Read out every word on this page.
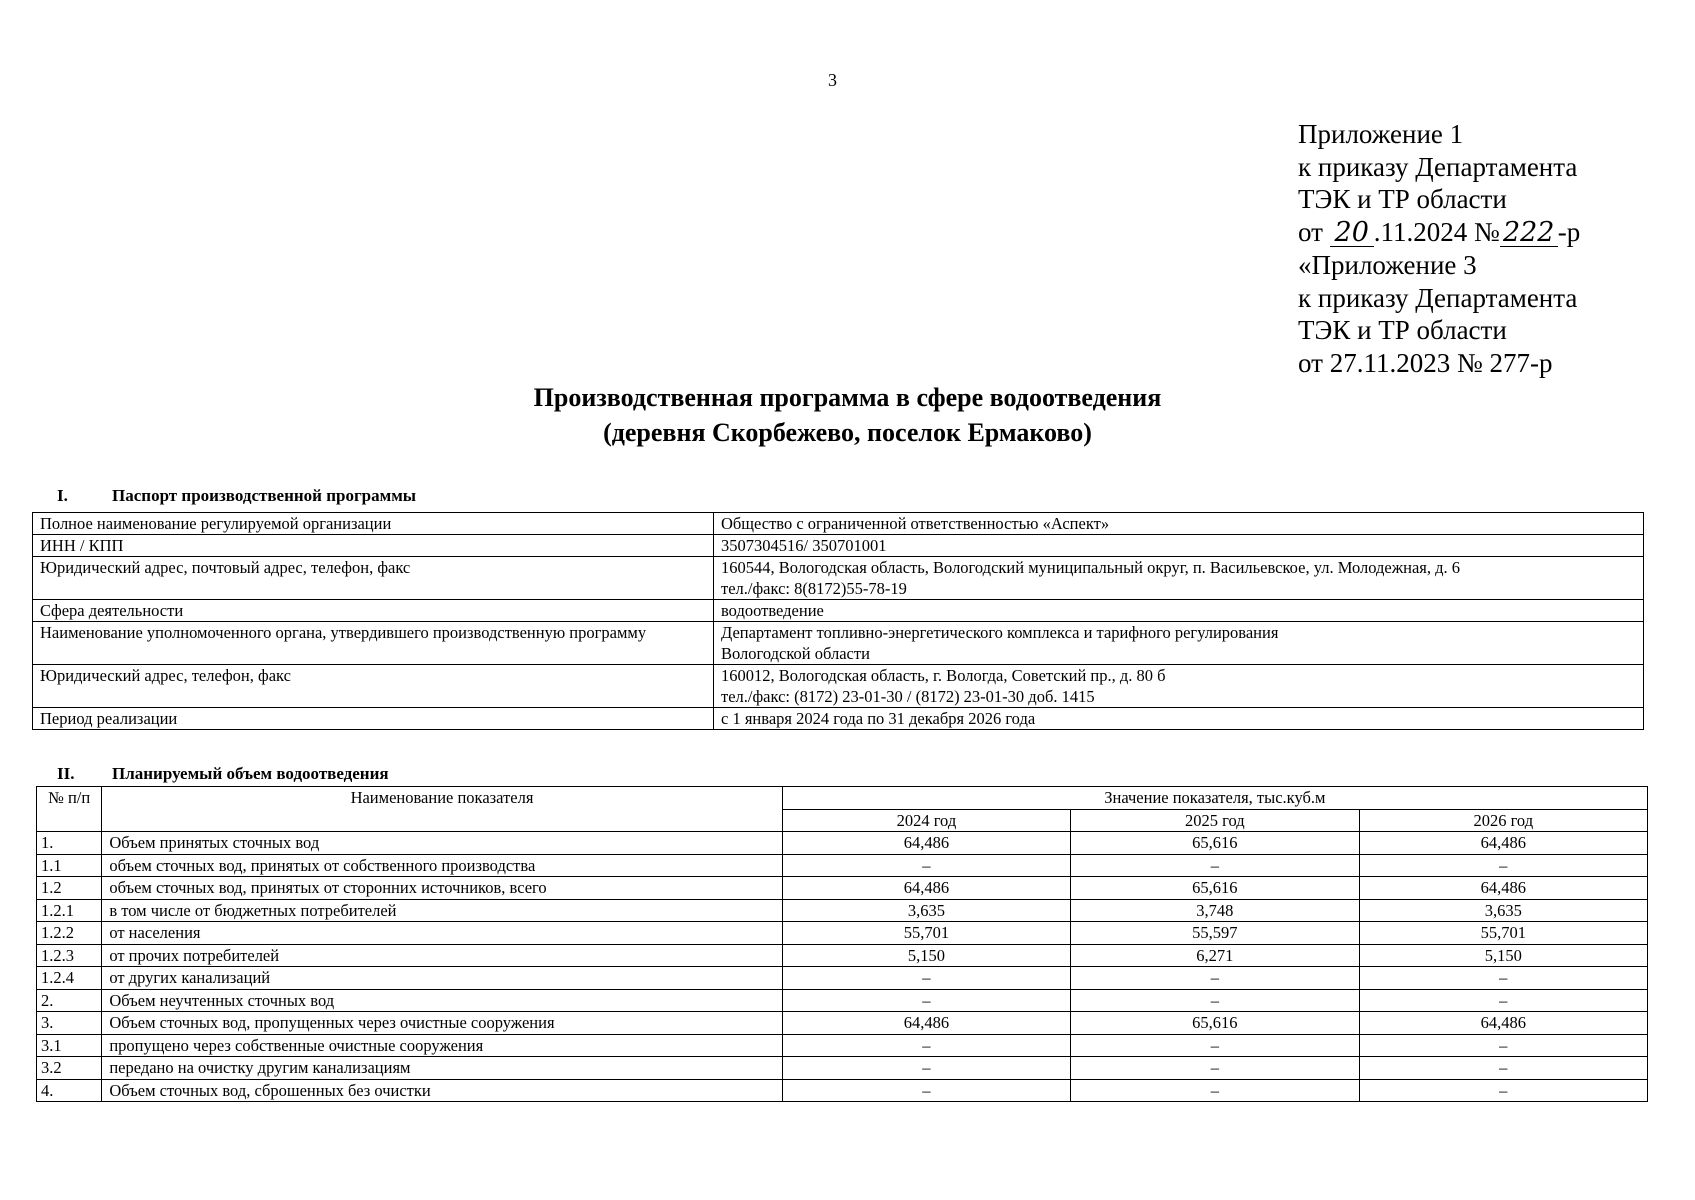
3
Приложение 1
к приказу Департамента
ТЭК и ТР области
от 20 .11.2024 № 222 -р
«Приложение 3
к приказу Департамента
ТЭК и ТР области
от 27.11.2023 № 277-р
Производственная программа в сфере водоотведения
(деревня Скорбежево, поселок Ермаково)
I.	Паспорт производственной программы
Полное наименование регулируемой организации	Общество с ограниченной ответственностью «Аспект»

ИНН / КПП	3507304516/ 350701001

Юридический адрес, почтовый адрес, телефон, факс	160544, Вологодская область, Вологодский муниципальный округ, п. Васильевское, ул. Молодежная, д. 6
тел./факс: 8(8172)55-78-19

Сфера деятельности	водоотведение

Наименование уполномоченного органа, утвердившего производственную программу	Департамент топливно-энергетического комплекса и тарифного регулирования
Вологодской области

Юридический адрес, телефон, факс	160012, Вологодская область, г. Вологда, Советский пр., д. 80 б
тел./факс: (8172) 23-01-30 / (8172) 23-01-30 доб. 1415

Период реализации	с 1 января 2024 года по 31 декабря 2026 года
II. Планируемый объем водоотведения
№ п/п	Наименование показателя	Значение показателя, тыс.куб.м		
		2024 год	2025 год	2026 год
1.	Объем принятых сточных вод	64,486	65,616	64,486
1.1	объем сточных вод, принятых от собственного производства	–	–	–
1.2	объем сточных вод, принятых от сторонних источников, всего	64,486	65,616	64,486
1.2.1	в том числе от бюджетных потребителей	3,635	3,748	3,635
1.2.2	от населения	55,701	55,597	55,701
1.2.3	от прочих потребителей	5,150	6,271	5,150
1.2.4	от других канализаций	–	–	–
2.	Объем неучтенных сточных вод	–	–	–
3.	Объем сточных вод, пропущенных через очистные сооружения	64,486	65,616	64,486
3.1	пропущено через собственные очистные сооружения	–	–	–
3.2	передано на очистку другим канализациям	–	–	–
4.	Объем сточных вод, сброшенных без очистки	–	–	–
